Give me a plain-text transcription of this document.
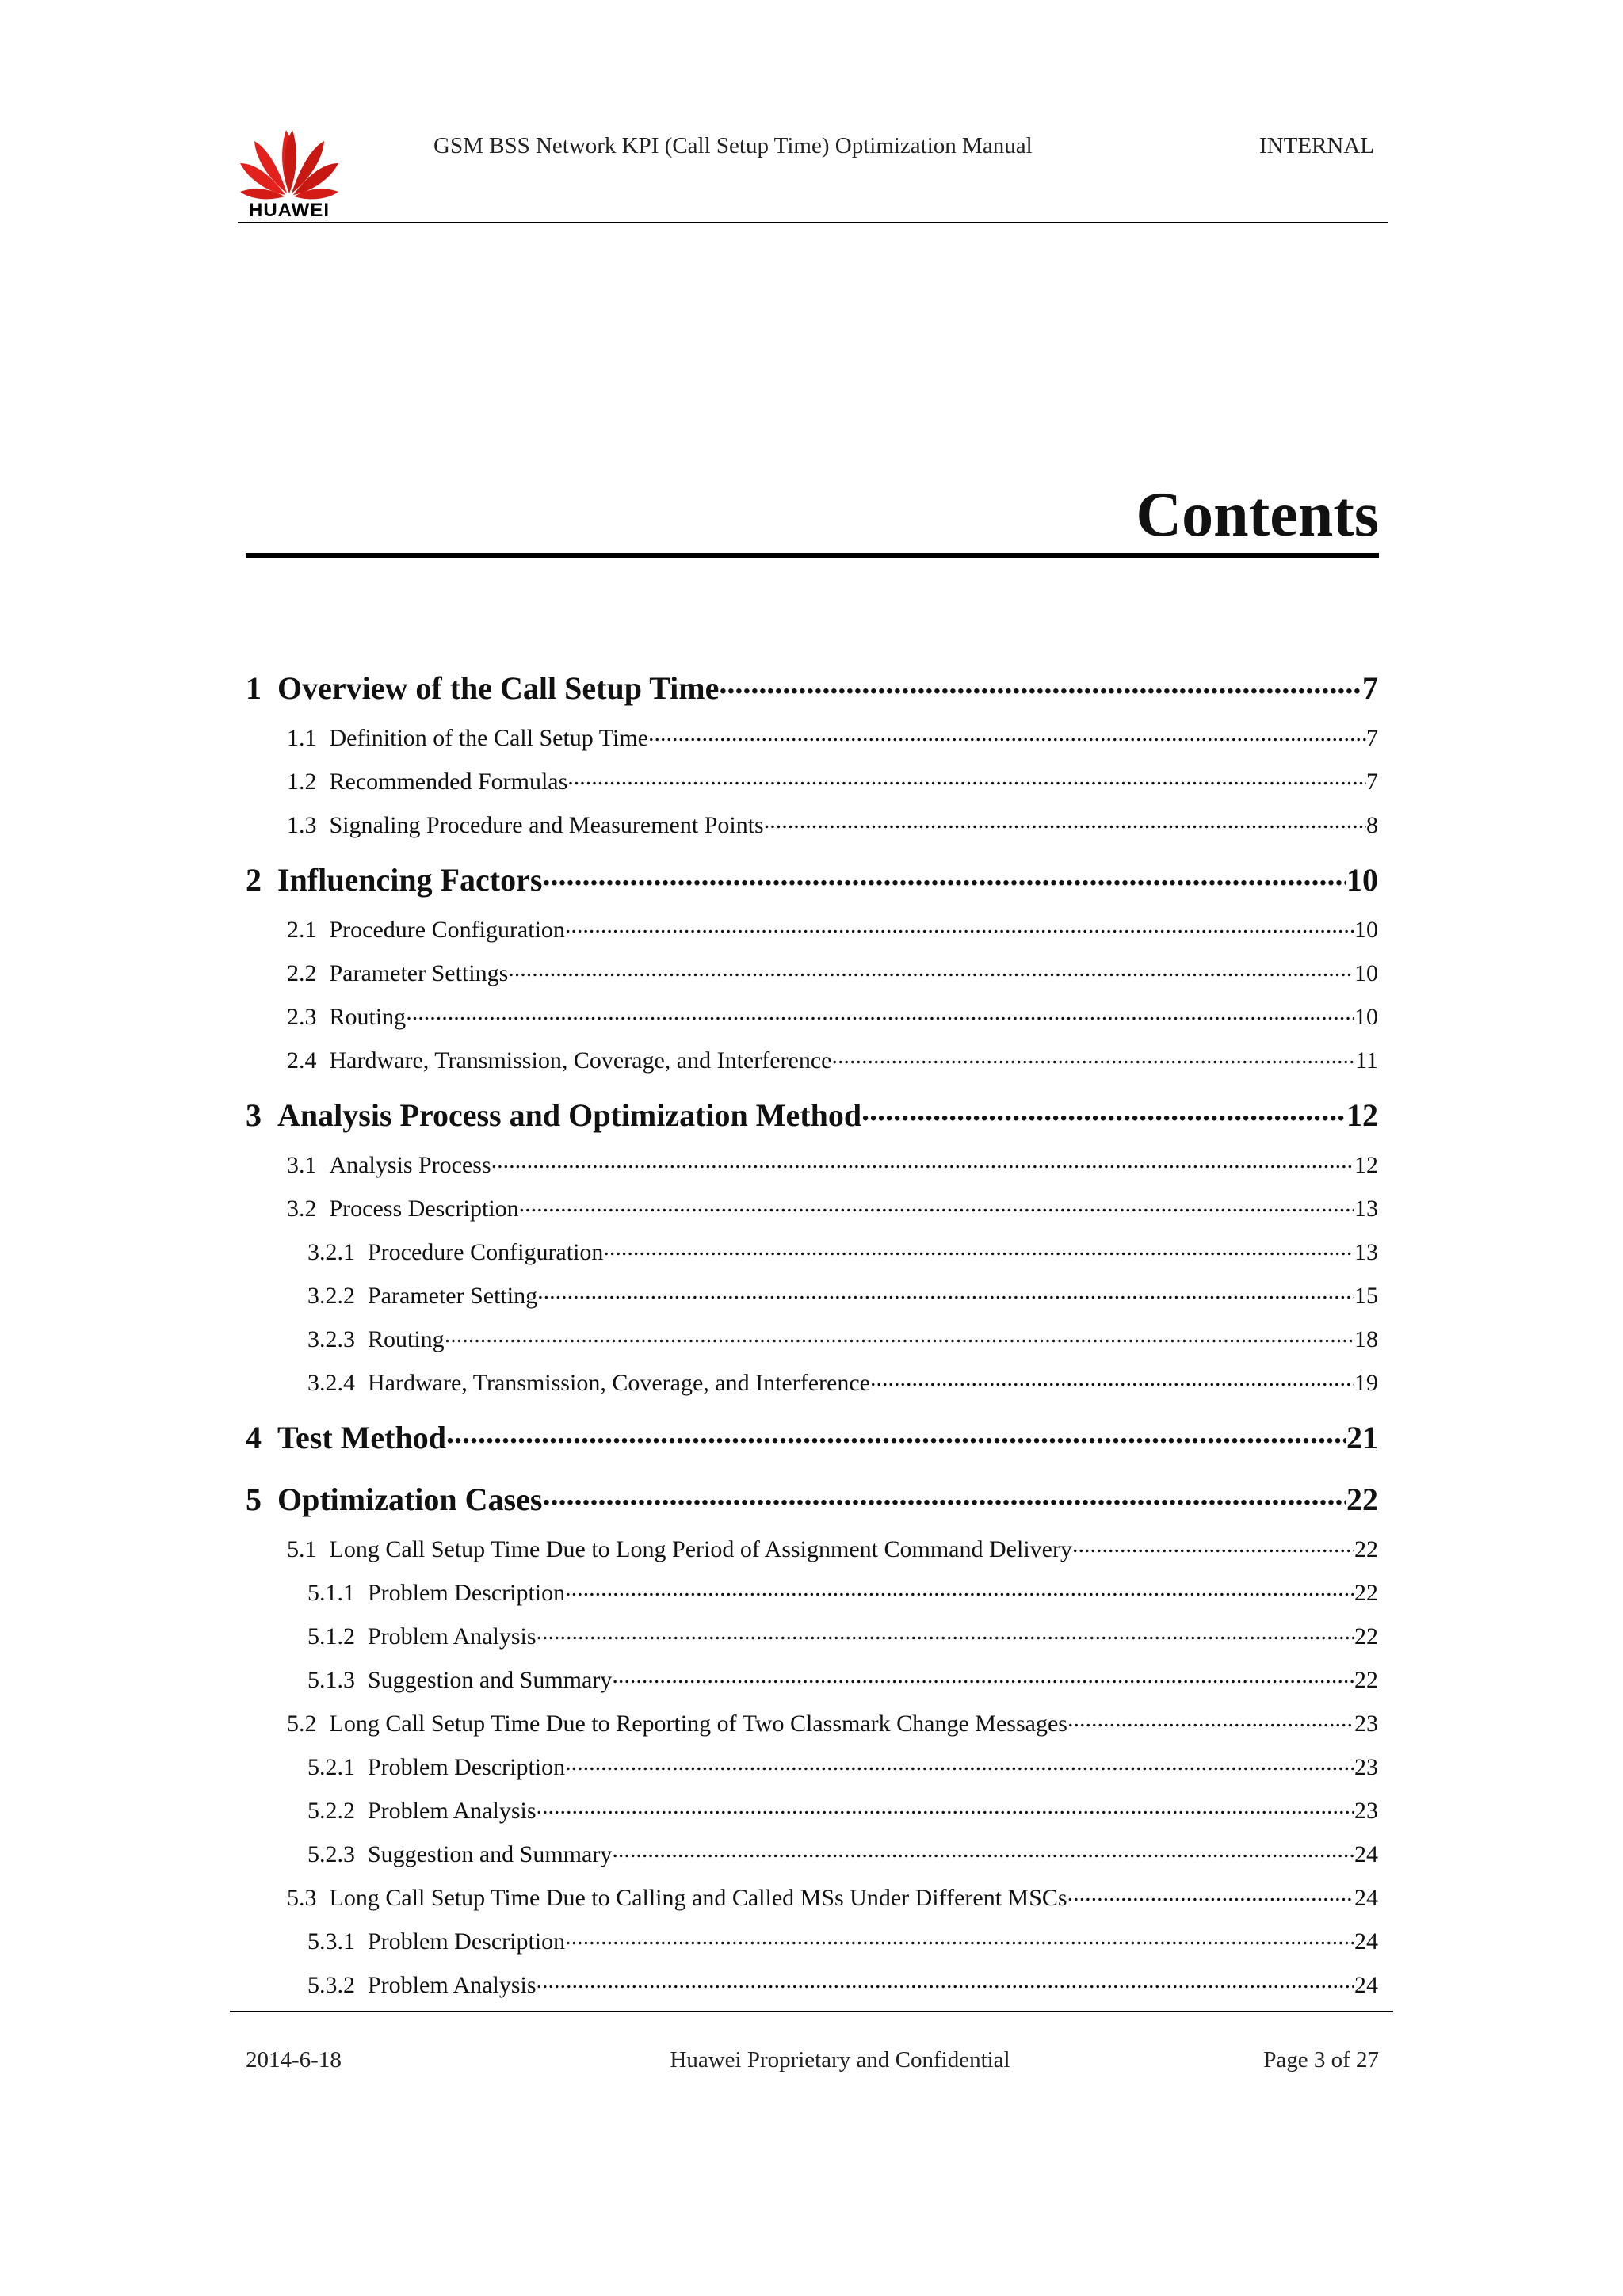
HUAWEI
GSM BSS Network KPI (Call Setup Time) Optimization Manual	INTERNAL
Contents
1 Overview of the Call Setup Time .....	7
1.1 Definition of the Call Setup Time .....	7
1.2 Recommended Formulas .....	7
1.3 Signaling Procedure and Measurement Points .....	8
2 Influencing Factors .....	10
2.1 Procedure Configuration .....	10
2.2 Parameter Settings .....	10
2.3 Routing .....	10
2.4 Hardware, Transmission, Coverage, and Interference .....	11
3 Analysis Process and Optimization Method .....	12
3.1 Analysis Process .....	12
3.2 Process Description .....	13
3.2.1 Procedure Configuration .....	13
3.2.2 Parameter Setting .....	15
3.2.3 Routing .....	18
3.2.4 Hardware, Transmission, Coverage, and Interference .....	19
4 Test Method .....	21
5 Optimization Cases .....	22
5.1 Long Call Setup Time Due to Long Period of Assignment Command Delivery .....	22
5.1.1 Problem Description .....	22
5.1.2 Problem Analysis .....	22
5.1.3 Suggestion and Summary .....	22
5.2 Long Call Setup Time Due to Reporting of Two Classmark Change Messages .....	23
5.2.1 Problem Description .....	23
5.2.2 Problem Analysis .....	23
5.2.3 Suggestion and Summary .....	24
5.3 Long Call Setup Time Due to Calling and Called MSs Under Different MSCs .....	24
5.3.1 Problem Description .....	24
5.3.2 Problem Analysis .....	24
2014-6-18	Huawei Proprietary and Confidential	Page 3 of 27
